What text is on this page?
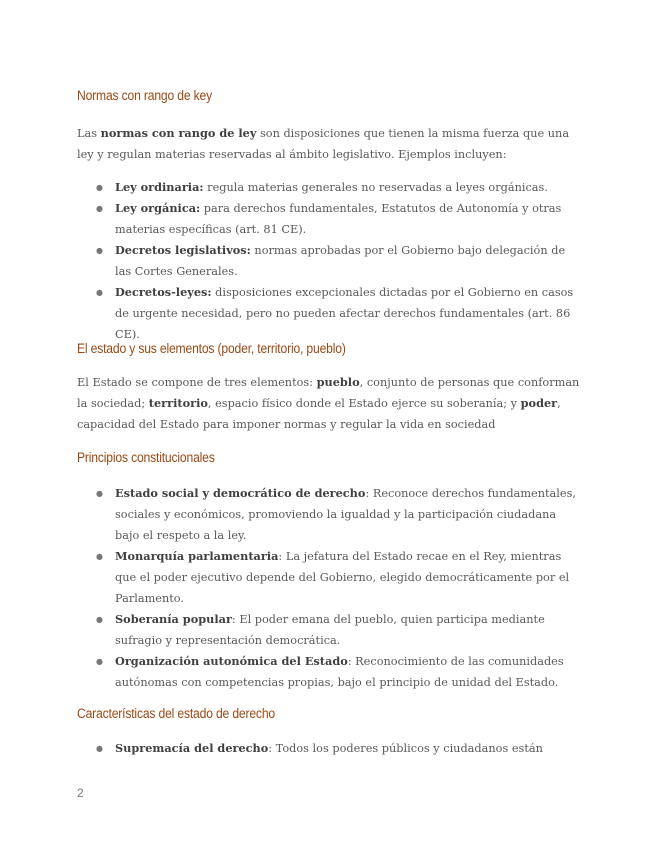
Normas con rango de key

Las normas con rango de ley son disposiciones que tienen la misma fuerza que una ley y regulan materias reservadas al ámbito legislativo. Ejemplos incluyen:

● Ley ordinaria: regula materias generales no reservadas a leyes orgánicas.
● Ley orgánica: para derechos fundamentales, Estatutos de Autonomía y otras materias específicas (art. 81 CE).
● Decretos legislativos: normas aprobadas por el Gobierno bajo delegación de las Cortes Generales.
● Decretos-leyes: disposiciones excepcionales dictadas por el Gobierno en casos de urgente necesidad, pero no pueden afectar derechos fundamentales (art. 86 CE).
El estado y sus elementos (poder, territorio, pueblo)

El Estado se compone de tres elementos: pueblo, conjunto de personas que conforman la sociedad; territorio, espacio físico donde el Estado ejerce su soberanía; y poder, capacidad del Estado para imponer normas y regular la vida en sociedad

Principios constitucionales
● Estado social y democrático de derecho: Reconoce derechos fundamentales, sociales y económicos, promoviendo la igualdad y la participación ciudadana bajo el respeto a la ley.
● Monarquía parlamentaria: La jefatura del Estado recae en el Rey, mientras que el poder ejecutivo depende del Gobierno, elegido democráticamente por el Parlamento.
● Soberanía popular: El poder emana del pueblo, quien participa mediante sufragio y representación democrática.
● Organización autonómica del Estado: Reconocimiento de las comunidades autónomas con competencias propias, bajo el principio de unidad del Estado.
Características del estado de derecho
● Supremacía del derecho: Todos los poderes públicos y ciudadanos están
2
